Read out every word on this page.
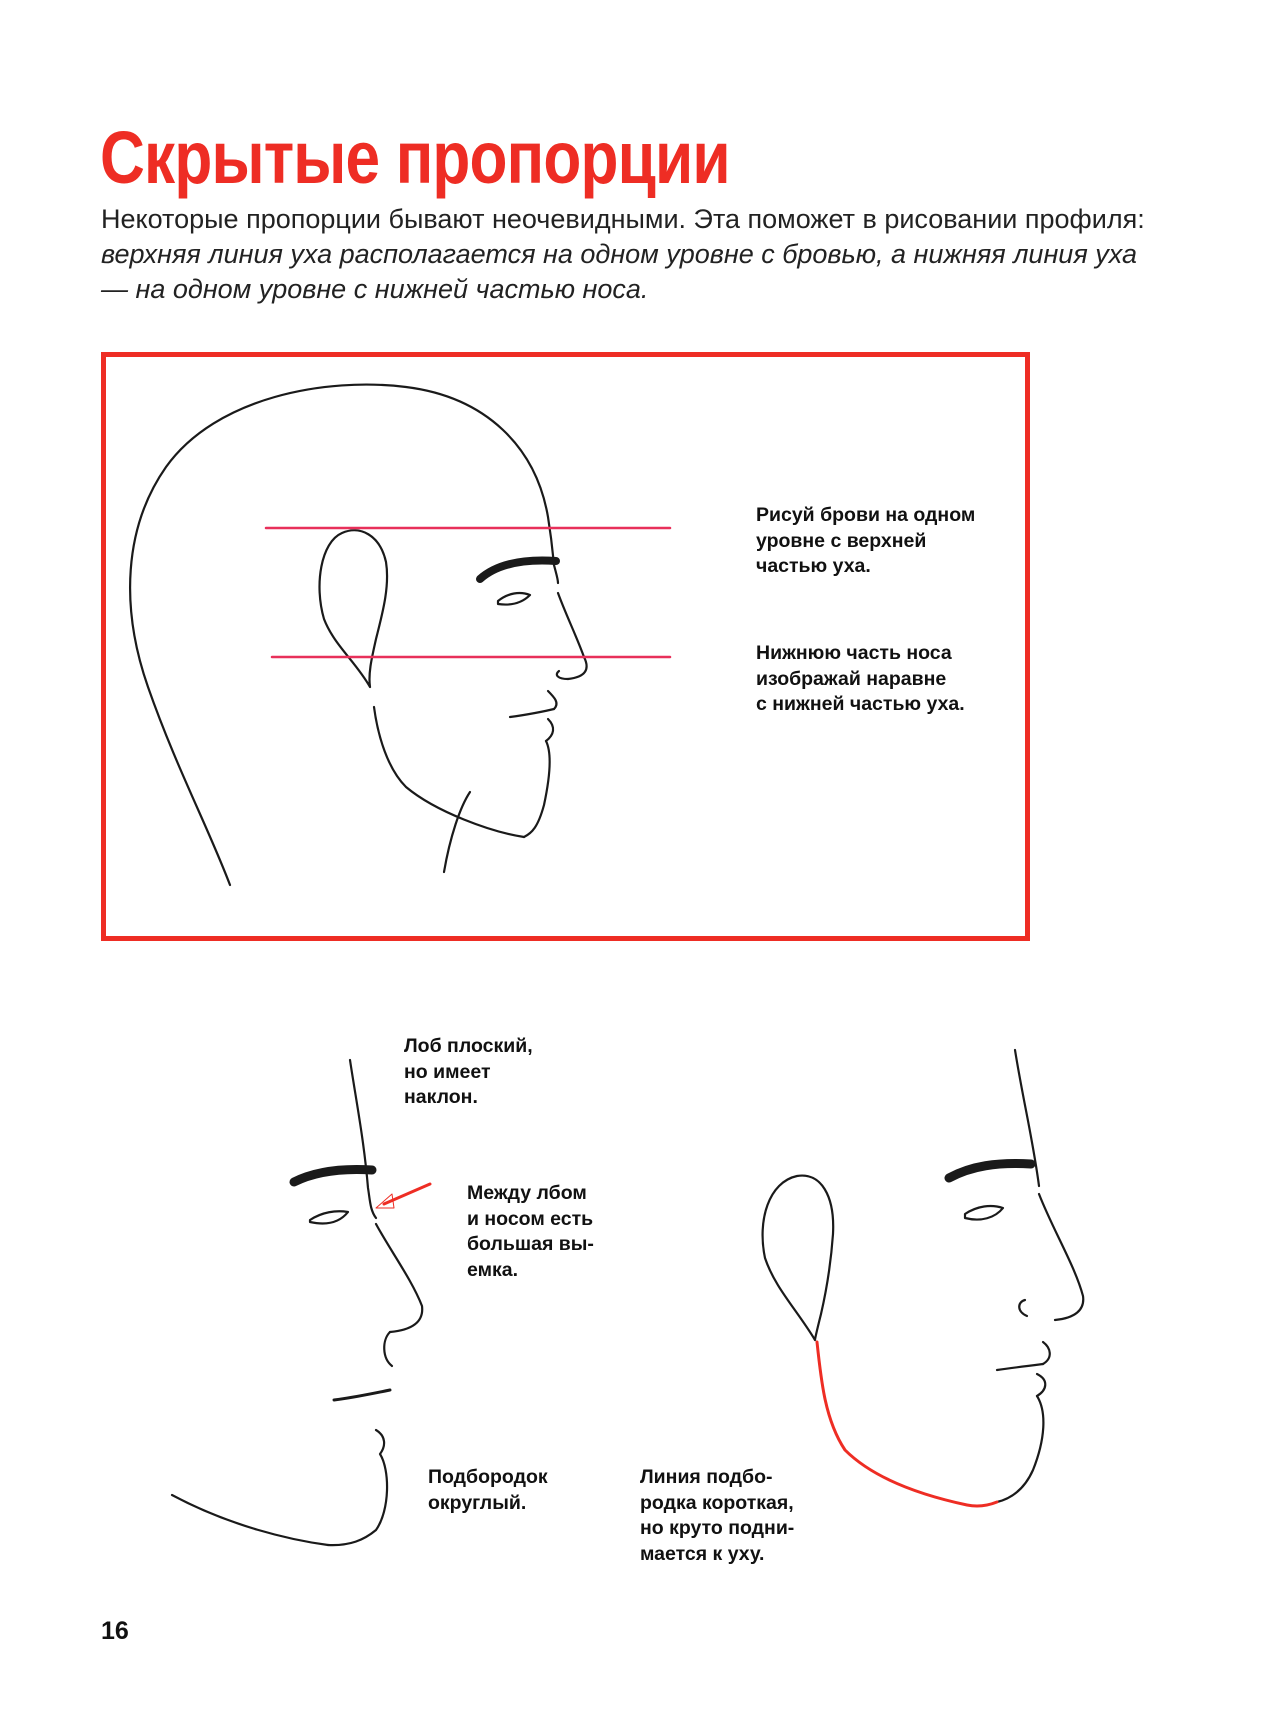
Скрытые пропорции

Некоторые пропорции бывают неочевидными. Эта поможет в рисовании профиля: верхняя линия уха располагается на одном уровне с бровью, а нижняя линия уха — на одном уровне с нижней частью носа.

Рисуй брови на одном
уровне с верхней
частью уха.
Нижнюю часть носа
изображай наравне
с нижней частью уха.
Лоб плоский,
но имеет
наклон.
Между лбом
и носом есть
большая вы-
емка.
Подбородок
округлый.
Линия подбо-
родка короткая,
но круто подни-
мается к уху.

16
